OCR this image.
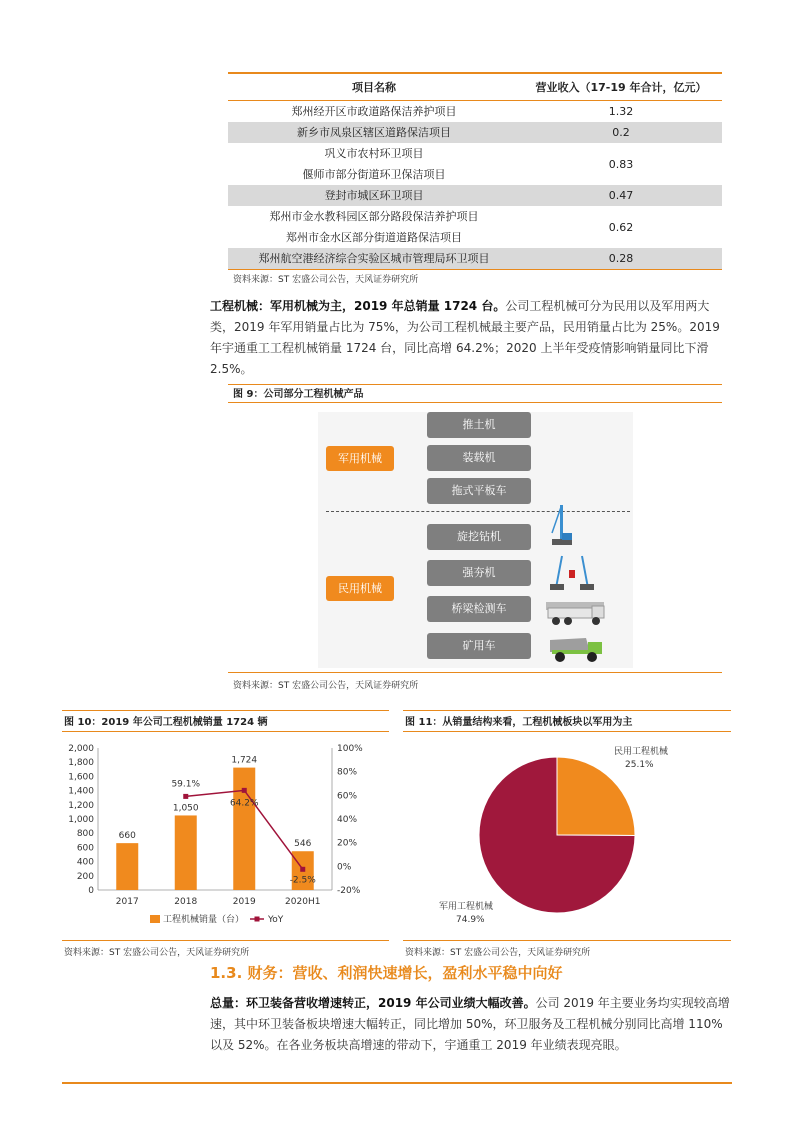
项目名称	营业收入（17-19 年合计，亿元）

郑州经开区市政道路保洁养护项目	1.32

新乡市凤泉区辖区道路保洁项目	0.2

巩义市农村环卫项目
偃师市部分街道环卫保洁项目	0.83

登封市城区环卫项目	0.47

郑州市金水教科园区部分路段保洁养护项目
郑州市金水区部分街道道路保洁项目	0.62

郑州航空港经济综合实验区城市管理局环卫项目	0.28
资料来源：ST 宏盛公司公告，天风证券研究所
工程机械：军用机械为主，2019 年总销量 1724 台。公司工程机械可分为民用以及军用两大类，2019 年军用销量占比为 75%，为公司工程机械最主要产品，民用销量占比为 25%。2019 年宇通重工工程机械销量 1724 台，同比高增 64.2%；2020 上半年受疫情影响销量同比下滑 2.5%。
图 9：公司部分工程机械产品
军用机械
民用机械
推土机
装载机
拖式平板车
旋挖钻机
强夯机
桥梁检测车
矿用车
资料来源：ST 宏盛公司公告，天风证券研究所
图 10：2019 年公司工程机械销量 1724 辆
2,000
1,800
1,600
1,400
1,200
1,000
800
600
400
200
0
100%
80%
60%
40%
20%
0%
-20%
660
2017
1,050
2018
1,724
2019
546
2020H1
59.1%
64.2%
-2.5%
工程机械销量（台）	YoY
资料来源：ST 宏盛公司公告，天风证券研究所
图 11：从销量结构来看，工程机械板块以军用为主
民用工程机械
25.1%
军用工程机械
74.9%
资料来源：ST 宏盛公司公告，天风证券研究所
1.3. 财务：营收、利润快速增长，盈利水平稳中向好
总量：环卫装备营收增速转正，2019 年公司业绩大幅改善。公司 2019 年主要业务均实现较高增速，其中环卫装备板块增速大幅转正，同比增加 50%，环卫服务及工程机械分别同比高增 110%以及 52%。在各业务板块高增速的带动下，宇通重工 2019 年业绩表现亮眼。
